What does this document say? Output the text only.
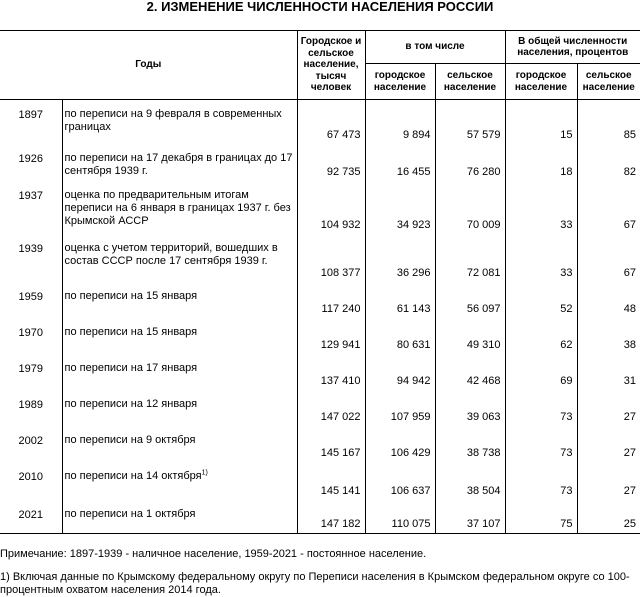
2. ИЗМЕНЕНИЕ ЧИСЛЕННОСТИ НАСЕЛЕНИЯ РОССИИ
Годы		Городское и сельское население, тысяч человек	в том числе		В общей численности населения, процентов	
			городское население	сельское население	городское население	сельское население
1897	по переписи на 9 февраля в современных границах	67 473	9 894	57 579	15	85
1926	по переписи на 17 декабря в границах до 17 сентября 1939 г.	92 735	16 455	76 280	18	82
1937	оценка по предварительным итогам переписи на 6 января в границах 1937 г. без Крымской АССР	104 932	34 923	70 009	33	67
1939	оценка с учетом территорий, вошедших в состав СССР после 17 сентября 1939 г.	108 377	36 296	72 081	33	67
1959	по переписи на 15 января	117 240	61 143	56 097	52	48
1970	по переписи на 15 января	129 941	80 631	49 310	62	38
1979	по переписи на 17 января	137 410	94 942	42 468	69	31
1989	по переписи на 12 января	147 022	107 959	39 063	73	27
2002	по переписи на 9 октября	145 167	106 429	38 738	73	27
2010	по переписи на 14 октября$^{1)}$	145 141	106 637	38 504	73	27
2021	по переписи на 1 октября	147 182	110 075	37 107	75	25
Примечание: 1897-1939 - наличное население, 1959-2021 - постоянное население.
1) Включая данные по Крымскому федеральному округу по Переписи населения в Крымском федеральном округе со 100-процентным охватом населения 2014 года.
